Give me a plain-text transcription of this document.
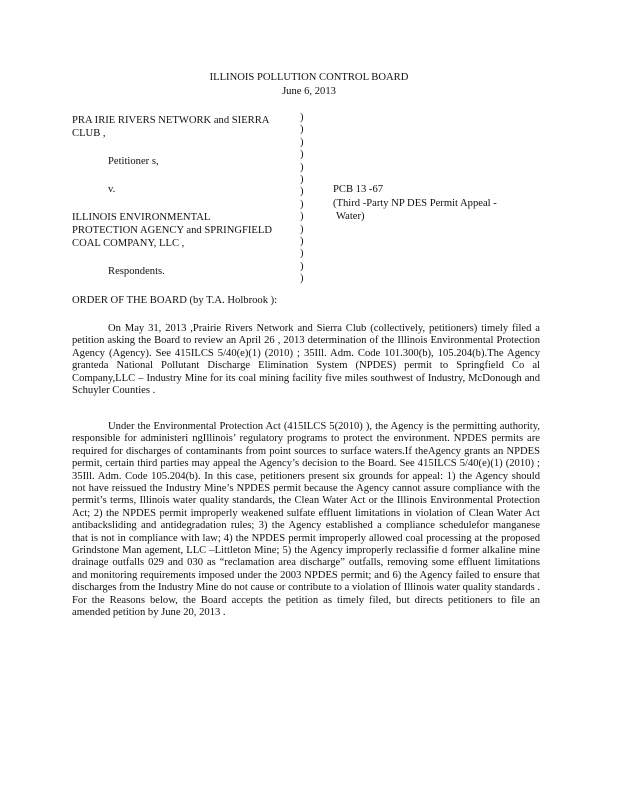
ILLINOIS POLLUTION CONTROL BOARD
June 6, 2013
PRA IRIE RIVERS NETWORK and SIERRA
CLUB ,
Petitioner s,
v.
ILLINOIS ENVIRONMENTAL
PROTECTION AGENCY and SPRINGFIELD
COAL COMPANY, LLC ,
Respondents.
)
)
)
)
)
)
)
)
)
)
)
)
)
)
PCB 13 -67
(Third -Party NP DES Permit Appeal -
Water)
ORDER OF THE BOARD (by T.A. Holbrook ):

On May 31, 2013 ,Prairie Rivers Network and Sierra Club (collectively, petitioners) timely filed a petition asking the Board to review an April 26 , 2013 determination of the Illinois Environmental Protection Agency (Agency). See 415ILCS 5/40(e)(1) (2010) ; 35Ill. Adm. Code 101.300(b), 105.204(b).The Agency granteda National Pollutant Discharge Elimination System (NPDES) permit to Springfield Co al Company,LLC – Industry Mine for its coal mining facility five miles southwest of Industry, McDonough and Schuyler Counties .

Under the Environmental Protection Act (415ILCS 5(2010) ), the Agency is the permitting authority, responsible for administeri ngIllinois’ regulatory programs to protect the environment. NPDES permits are required for discharges of contaminants from point sources to surface waters.If theAgency grants an NPDES permit, certain third parties may appeal the Agency’s decision to the Board. See 415ILCS 5/40(e)(1) (2010) ; 35Ill. Adm. Code 105.204(b). In this case, petitioners present six grounds for appeal: 1) the Agency should not have reissued the Industry Mine’s NPDES permit because the Agency cannot assure compliance with the permit’s terms, Illinois water quality standards, the Clean Water Act or the Illinois Environmental Protection Act; 2) the NPDES permit improperly weakened sulfate effluent limitations in violation of Clean Water Act antibacksliding and antidegradation rules; 3) the Agency established a compliance schedulefor manganese that is not in compliance with law; 4) the NPDES permit improperly allowed coal processing at the proposed Grindstone Man agement, LLC –Littleton Mine; 5) the Agency improperly reclassifie d former alkaline mine drainage outfalls 029 and 030 as “reclamation area discharge” outfalls, removing some effluent limitations and monitoring requirements imposed under the 2003 NPDES permit; and 6) the Agency failed to ensure that discharges from the Industry Mine do not cause or contribute to a violation of Illinois water quality standards . For the Reasons below, the Board accepts the petition as timely filed, but directs petitioners to file an amended petition by June 20, 2013 .
